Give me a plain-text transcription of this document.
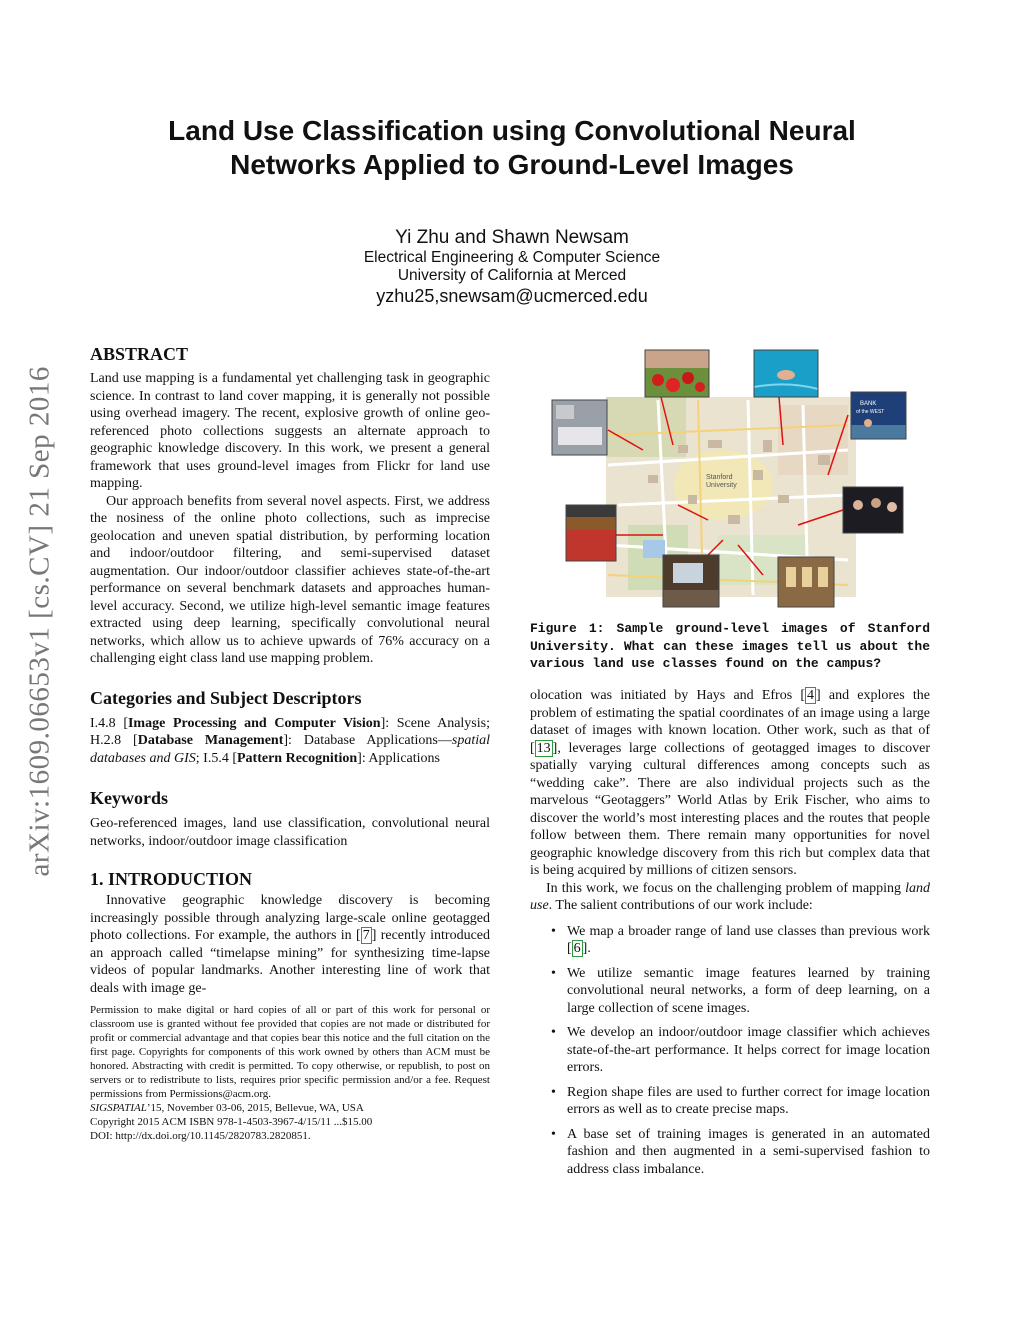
Land Use Classification using Convolutional Neural
Networks Applied to Ground-Level Images
Yi Zhu and Shawn Newsam
Electrical Engineering & Computer Science
University of California at Merced
yzhu25,snewsam@ucmerced.edu
arXiv:1609.06653v1 [cs.CV] 21 Sep 2016
ABSTRACT

Land use mapping is a fundamental yet challenging task in geographic science. In contrast to land cover mapping, it is generally not possible using overhead imagery. The recent, explosive growth of online geo-referenced photo collections suggests an alternate approach to geographic knowledge discovery. In this work, we present a general framework that uses ground-level images from Flickr for land use mapping.

Our approach benefits from several novel aspects. First, we address the nosiness of the online photo collections, such as imprecise geolocation and uneven spatial distribution, by performing location and indoor/outdoor filtering, and semi-supervised dataset augmentation. Our indoor/outdoor classifier achieves state-of-the-art performance on several benchmark datasets and approaches human-level accuracy. Second, we utilize high-level semantic image features extracted using deep learning, specifically convolutional neural networks, which allow us to achieve upwards of 76% accuracy on a challenging eight class land use mapping problem.

Categories and Subject Descriptors

I.4.8 [Image Processing and Computer Vision]: Scene Analysis; H.2.8 [Database Management]: Database Applications—spatial databases and GIS; I.5.4 [Pattern Recognition]: Applications

Keywords

Geo-referenced images, land use classification, convolutional neural networks, indoor/outdoor image classification

1. INTRODUCTION

Innovative geographic knowledge discovery is becoming increasingly possible through analyzing large-scale online geotagged photo collections. For example, the authors in [ 7 ] recently introduced an approach called “timelapse mining” for synthesizing time-lapse videos of popular landmarks. Another interesting line of work that deals with image ge-

Permission to make digital or hard copies of all or part of this work for personal or classroom use is granted without fee provided that copies are not made or distributed for profit or commercial advantage and that copies bear this notice and the full citation on the first page. Copyrights for components of this work owned by others than ACM must be honored. Abstracting with credit is permitted. To copy otherwise, or republish, to post on servers or to redistribute to lists, requires prior specific permission and/or a fee. Request permissions from Permissions@acm.org.
SIGSPATIAL’15, November 03-06, 2015, Bellevue, WA, USA
Copyright 2015 ACM ISBN 978-1-4503-3967-4/15/11 ...$15.00
DOI: http://dx.doi.org/10.1145/2820783.2820851.
Stanford
University
BANK
of the WEST
Figure 1: Sample ground-level images of Stanford University. What can these images tell us about the various land use classes found on the campus?

olocation was initiated by Hays and Efros [ 4 ] and explores the problem of estimating the spatial coordinates of an image using a large dataset of images with known location. Other work, such as that of [ 13 ], leverages large collections of geotagged images to discover spatially varying cultural differences among concepts such as “wedding cake”. There are also individual projects such as the marvelous “Geotaggers” World Atlas by Erik Fischer, who aims to discover the world’s most interesting places and the routes that people follow between them. There remain many opportunities for novel geographic knowledge discovery from this rich but complex data that is being acquired by millions of citizen sensors.

In this work, we focus on the challenging problem of mapping land use. The salient contributions of our work include:

• We map a broader range of land use classes than previous work [ 6 ].
• We utilize semantic image features learned by training convolutional neural networks, a form of deep learning, on a large collection of scene images.
• We develop an indoor/outdoor image classifier which achieves state-of-the-art performance. It helps correct for image location errors.
• Region shape files are used to further correct for image location errors as well as to create precise maps.
• A base set of training images is generated in an automated fashion and then augmented in a semi-supervised fashion to address class imbalance.
